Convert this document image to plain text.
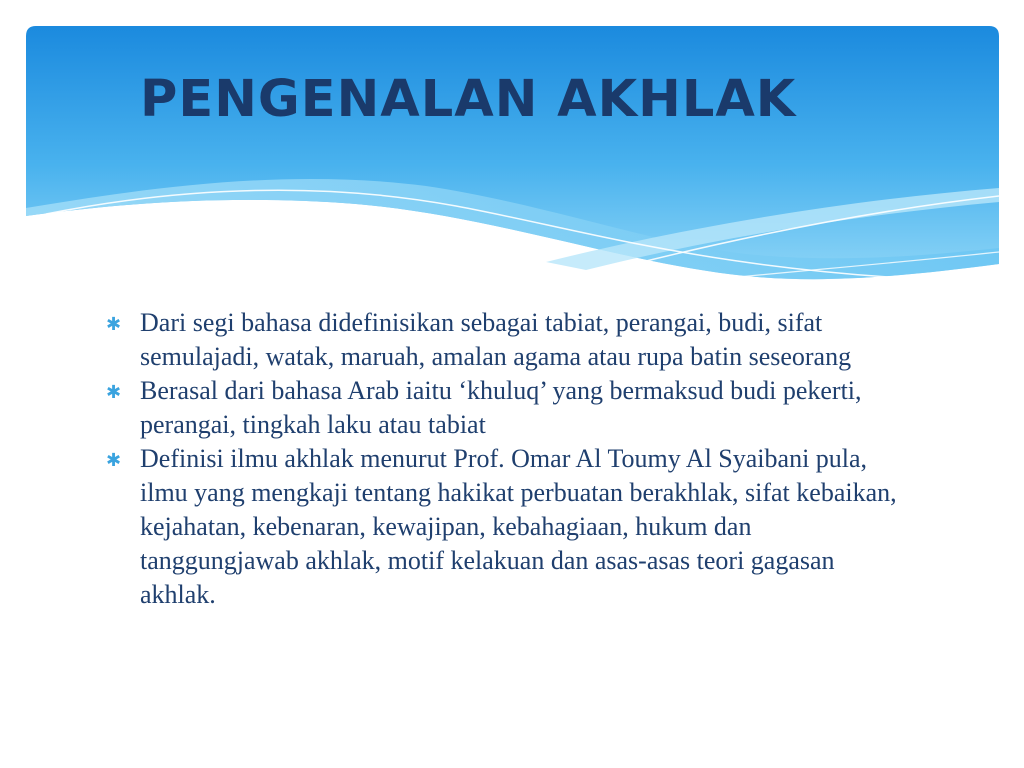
PENGENALAN AKHLAK
✱ Dari segi bahasa didefinisikan sebagai tabiat, perangai, budi, sifat semulajadi, watak, maruah, amalan agama atau rupa batin seseorang
✱ Berasal dari bahasa Arab iaitu ‘khuluq’ yang bermaksud budi pekerti, perangai, tingkah laku atau tabiat
✱ Definisi ilmu akhlak menurut Prof. Omar Al Toumy Al Syaibani pula, ilmu yang mengkaji tentang hakikat perbuatan berakhlak, sifat kebaikan, kejahatan, kebenaran, kewajipan, kebahagiaan, hukum dan tanggungjawab akhlak, motif kelakuan dan asas-asas teori gagasan akhlak.
